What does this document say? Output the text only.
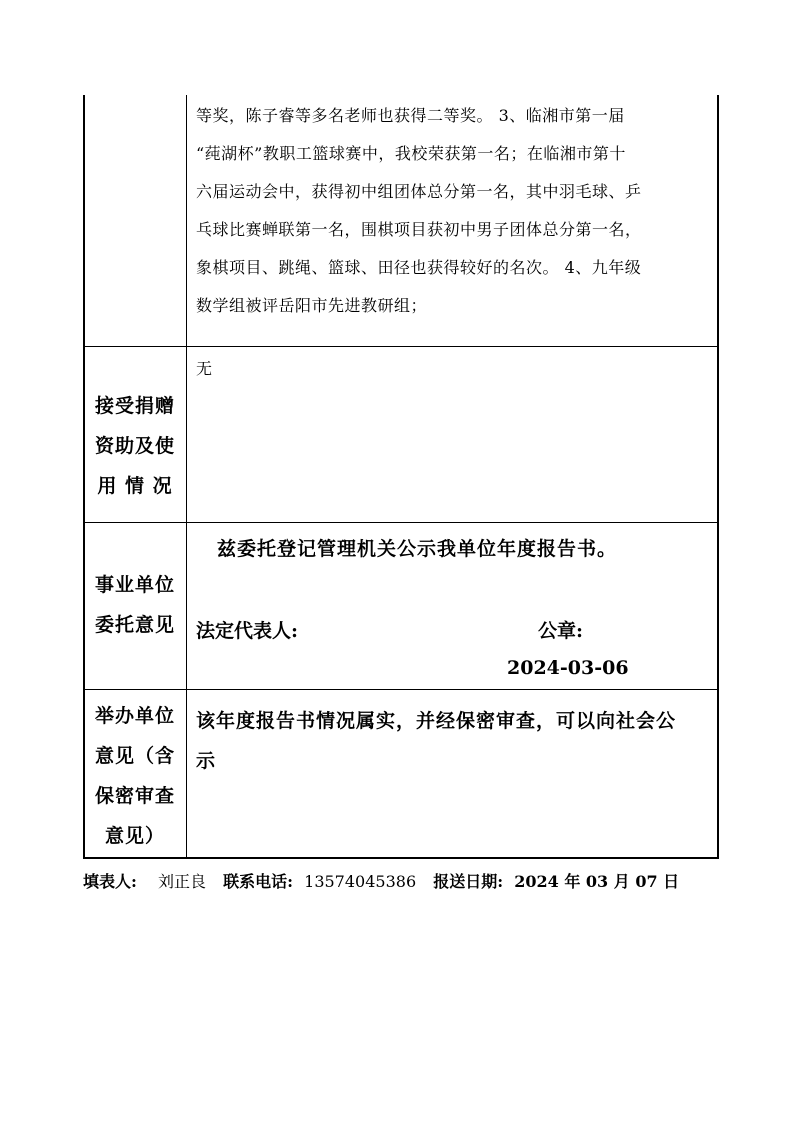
等奖，陈子睿等多名老师也获得二等奖。 3、临湘市第一届
“莼湖杯”教职工篮球赛中，我校荣获第一名；在临湘市第十
六届运动会中，获得初中组团体总分第一名，其中羽毛球、乒
乓球比赛蝉联第一名，围棋项目获初中男子团体总分第一名，
象棋项目、跳绳、篮球、田径也获得较好的名次。 4、九年级
数学组被评岳阳市先进教研组；
接受捐赠
资助及使
用 情 况
无
事业单位
委托意见
兹委托登记管理机关公示我单位年度报告书。
法定代表人:	公章:
2024-03-06
举办单位
意见（含
保密审查
意见）
该年度报告书情况属实，并经保密审查，可以向社会公
示
填表人: 刘正良 联系电话: 13574045386 报送日期: 2024 年 03 月 07 日
